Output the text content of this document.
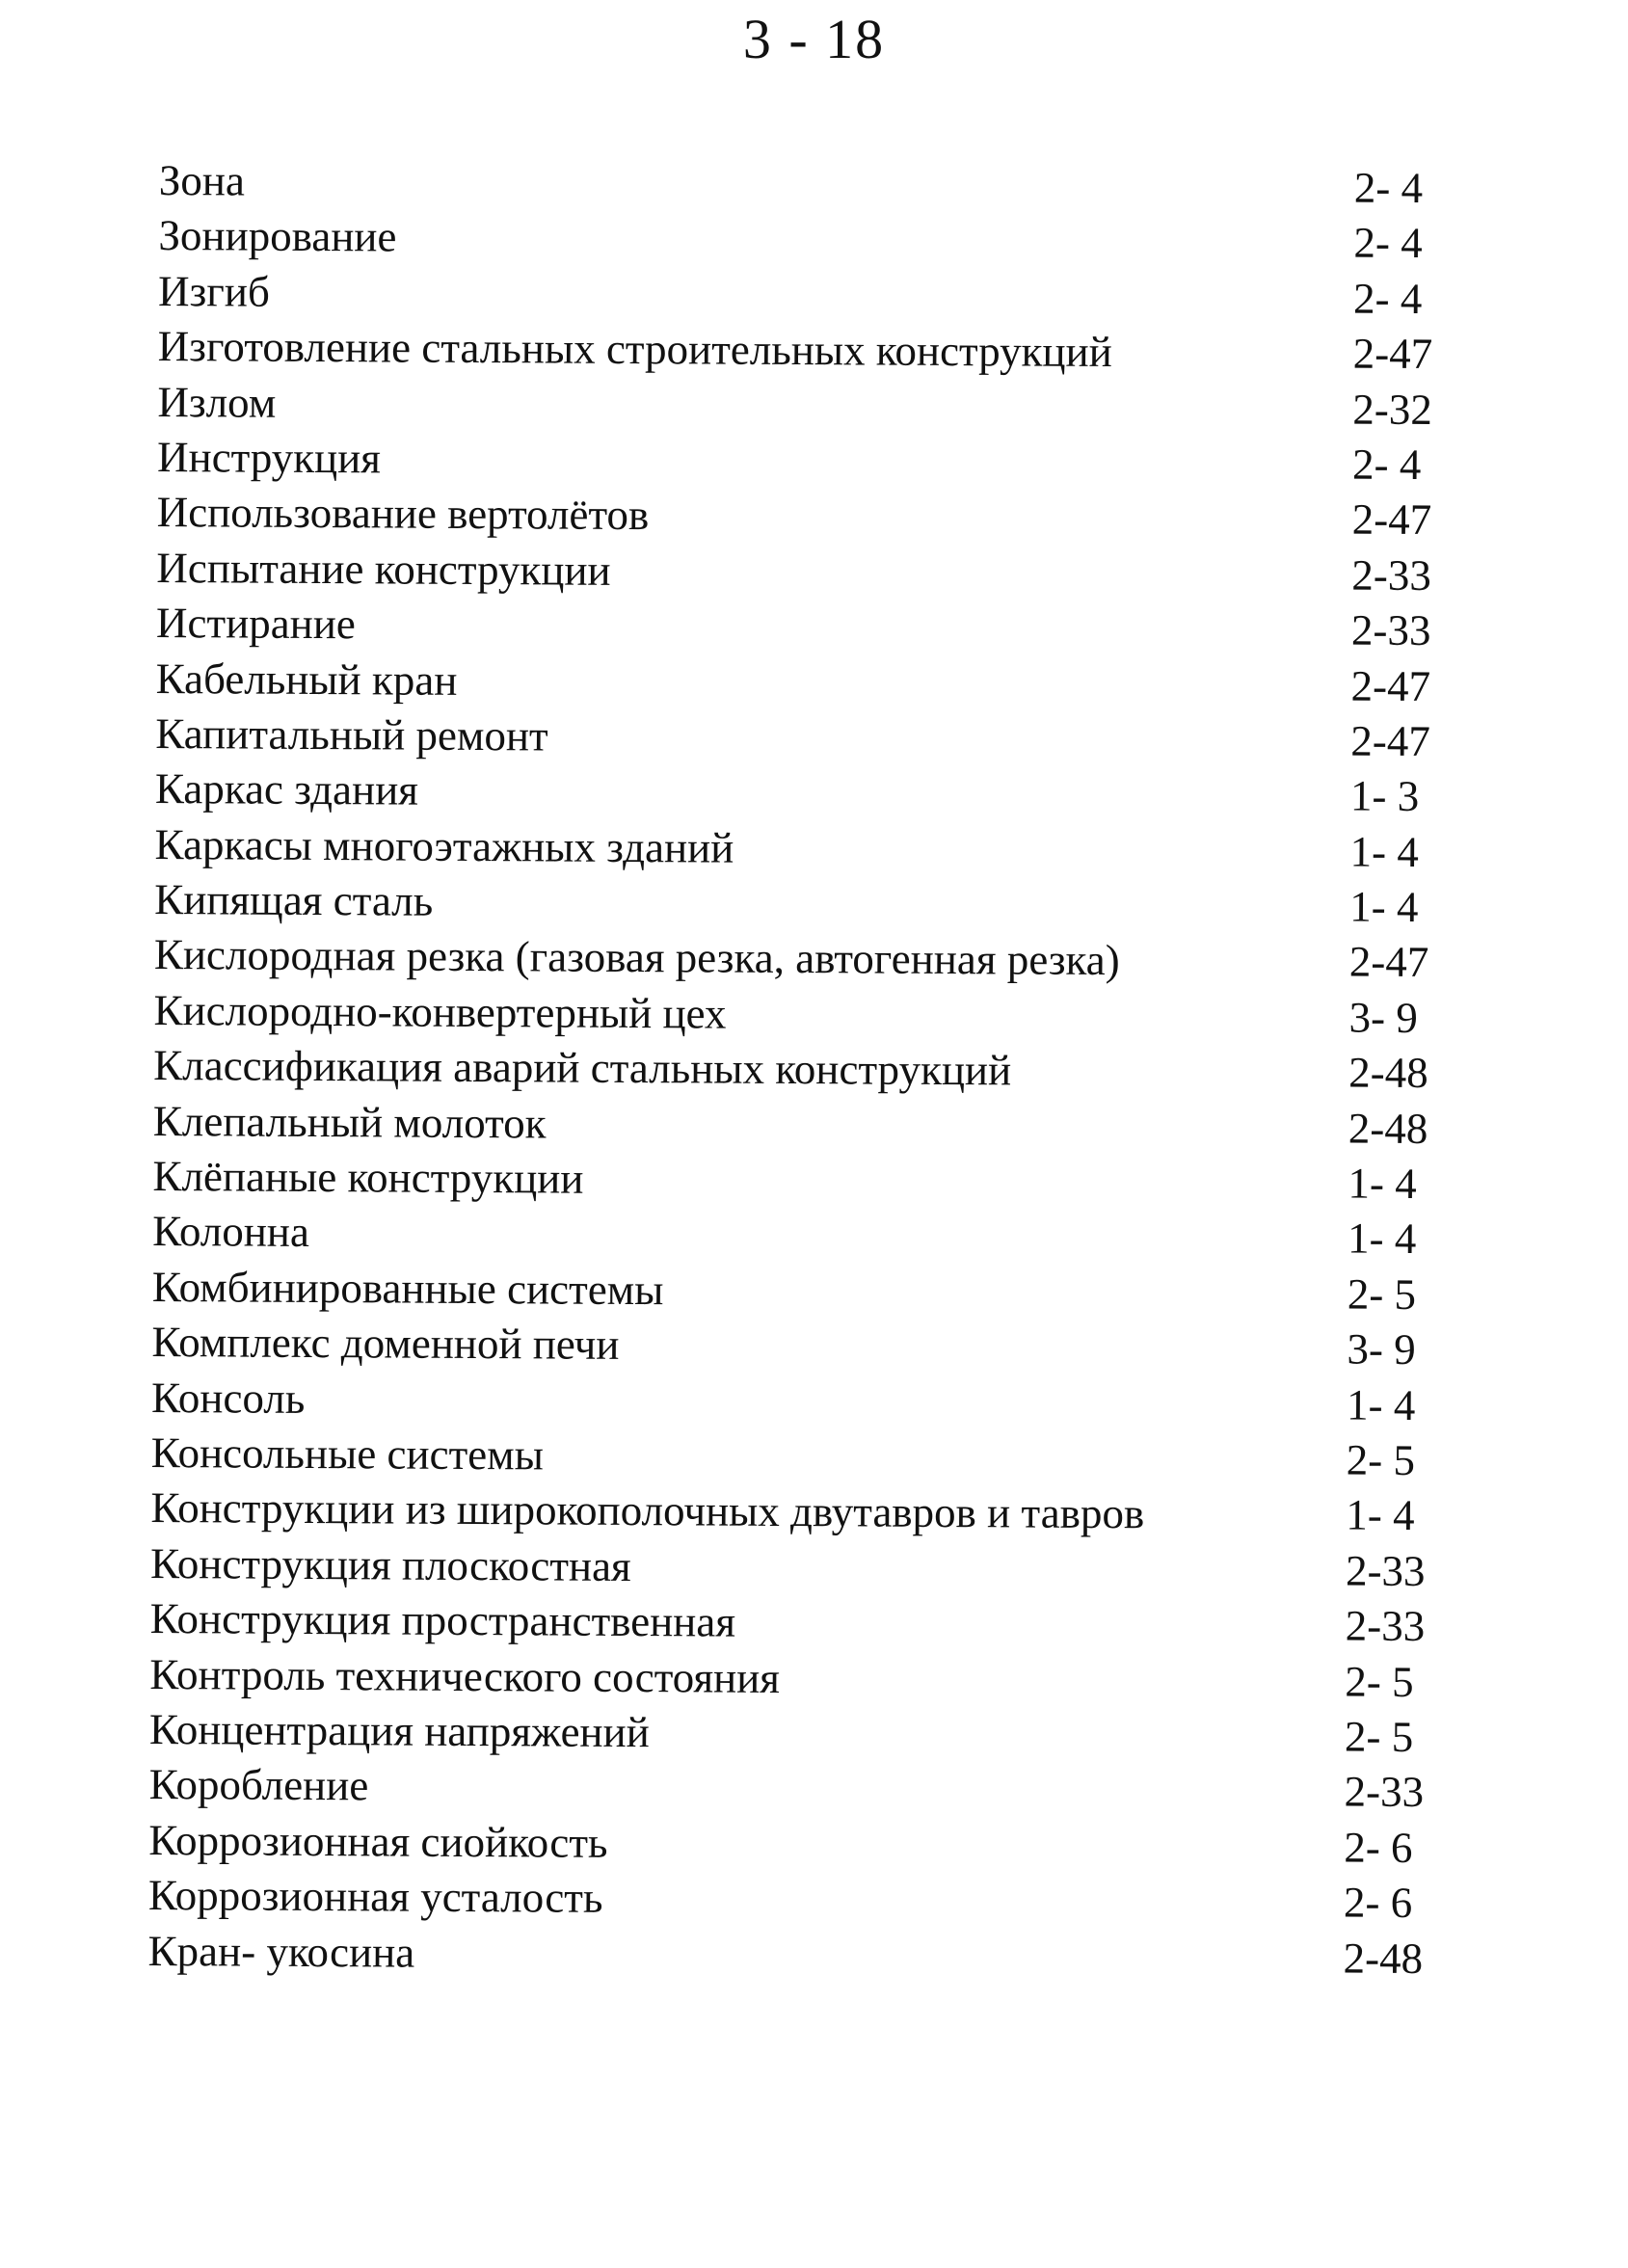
3 - 18
Зона	2- 4
Зонирование	2- 4
Изгиб	2- 4
Изготовление стальных строительных конструкций	2-47
Излом	2-32
Инструкция	2- 4
Использование вертолётов	2-47
Испытание конструкции	2-33
Истирание	2-33
Кабельный кран	2-47
Капитальный ремонт	2-47
Каркас здания	1- 3
Каркасы многоэтажных зданий	1- 4
Кипящая сталь	1- 4
Кислородная резка (газовая резка, автогенная резка)	2-47
Кислородно-конвертерный цех	3- 9
Классификация аварий стальных конструкций	2-48
Клепальный молоток	2-48
Клёпаные конструкции	1- 4
Колонна	1- 4
Комбинированные системы	2- 5
Комплекс доменной печи	3- 9
Консоль	1- 4
Консольные системы	2- 5
Конструкции из широкополочных двутавров и тавров	1- 4
Конструкция плоскостная	2-33
Конструкция пространственная	2-33
Контроль технического состояния	2- 5
Концентрация напряжений	2- 5
Коробление	2-33
Коррозионная сиойкость	2- 6
Коррозионная усталость	2- 6
Кран- укосина	2-48
